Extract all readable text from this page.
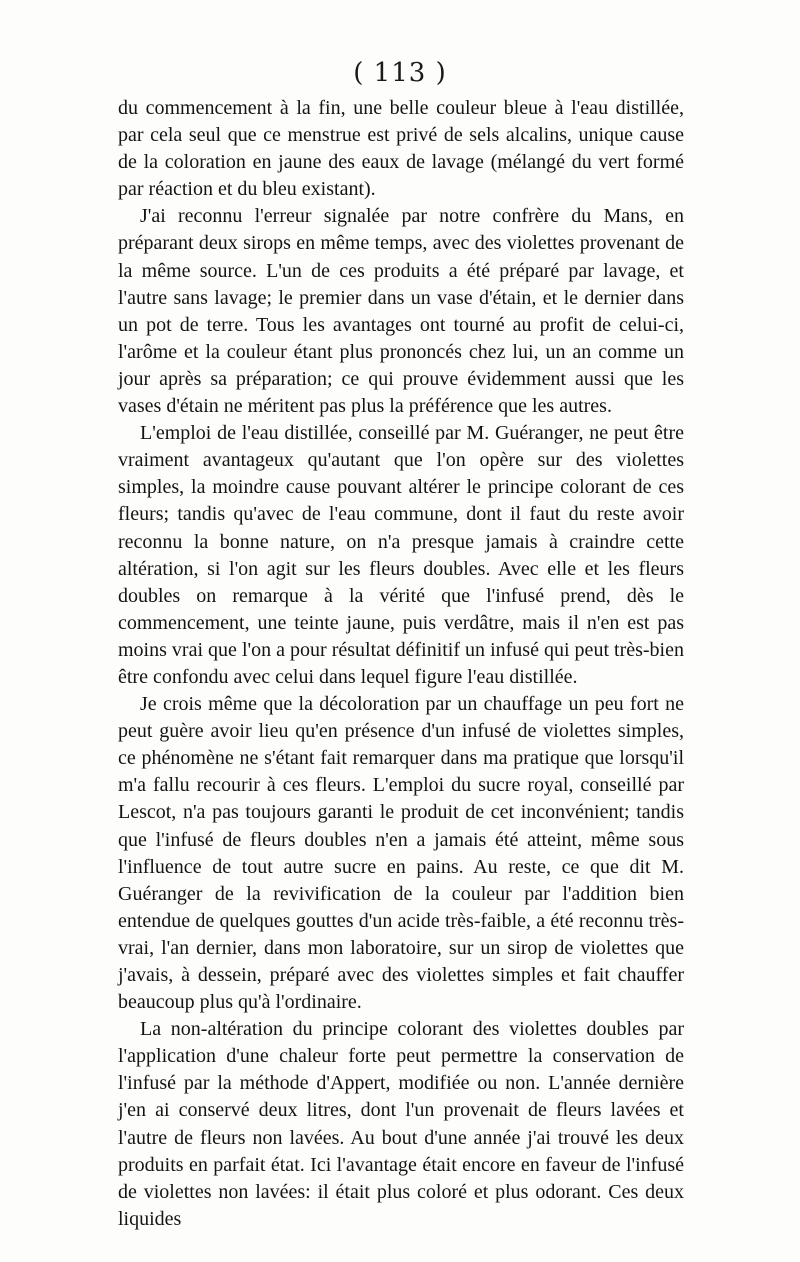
( 113 )

du commencement à la fin, une belle couleur bleue à l'eau distillée, par cela seul que ce menstrue est privé de sels alcalins, unique cause de la coloration en jaune des eaux de lavage (mélangé du vert formé par réaction et du bleu existant).

J'ai reconnu l'erreur signalée par notre confrère du Mans, en préparant deux sirops en même temps, avec des violettes provenant de la même source. L'un de ces produits a été préparé par lavage, et l'autre sans lavage; le premier dans un vase d'étain, et le dernier dans un pot de terre. Tous les avantages ont tourné au profit de celui-ci, l'arôme et la couleur étant plus prononcés chez lui, un an comme un jour après sa préparation; ce qui prouve évidemment aussi que les vases d'étain ne méritent pas plus la préférence que les autres.

L'emploi de l'eau distillée, conseillé par M. Guéranger, ne peut être vraiment avantageux qu'autant que l'on opère sur des violettes simples, la moindre cause pouvant altérer le principe colorant de ces fleurs; tandis qu'avec de l'eau commune, dont il faut du reste avoir reconnu la bonne nature, on n'a presque jamais à craindre cette altération, si l'on agit sur les fleurs doubles. Avec elle et les fleurs doubles on remarque à la vérité que l'infusé prend, dès le commencement, une teinte jaune, puis verdâtre, mais il n'en est pas moins vrai que l'on a pour résultat définitif un infusé qui peut très-bien être confondu avec celui dans lequel figure l'eau distillée.

Je crois même que la décoloration par un chauffage un peu fort ne peut guère avoir lieu qu'en présence d'un infusé de violettes simples, ce phénomène ne s'étant fait remarquer dans ma pratique que lorsqu'il m'a fallu recourir à ces fleurs. L'emploi du sucre royal, conseillé par Lescot, n'a pas toujours garanti le produit de cet inconvénient; tandis que l'infusé de fleurs doubles n'en a jamais été atteint, même sous l'influence de tout autre sucre en pains. Au reste, ce que dit M. Guéranger de la revivification de la couleur par l'addition bien entendue de quelques gouttes d'un acide très-faible, a été reconnu très-vrai, l'an dernier, dans mon laboratoire, sur un sirop de violettes que j'avais, à dessein, préparé avec des violettes simples et fait chauffer beaucoup plus qu'à l'ordinaire.

La non-altération du principe colorant des violettes doubles par l'application d'une chaleur forte peut permettre la conservation de l'infusé par la méthode d'Appert, modifiée ou non. L'année dernière j'en ai conservé deux litres, dont l'un provenait de fleurs lavées et l'autre de fleurs non lavées. Au bout d'une année j'ai trouvé les deux produits en parfait état. Ici l'avantage était encore en faveur de l'infusé de violettes non lavées: il était plus coloré et plus odorant. Ces deux liquides
